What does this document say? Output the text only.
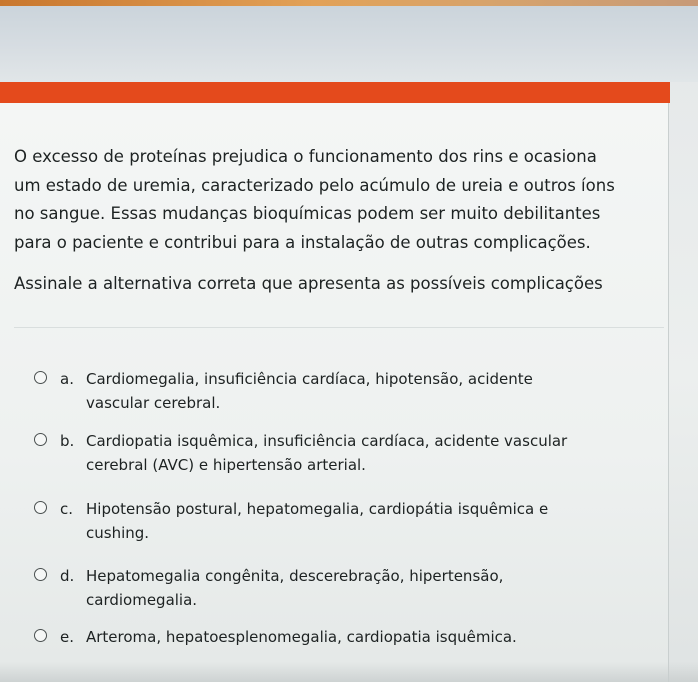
O excesso de proteínas prejudica o funcionamento dos rins e ocasiona
um estado de uremia, caracterizado pelo acúmulo de ureia e outros íons
no sangue. Essas mudanças bioquímicas podem ser muito debilitantes
para o paciente e contribui para a instalação de outras complicações.

Assinale a alternativa correta que apresenta as possíveis complicações

a. Cardiomegalia, insuficiência cardíaca, hipotensão, acidente
vascular cerebral.
b. Cardiopatia isquêmica, insuficiência cardíaca, acidente vascular
cerebral (AVC) e hipertensão arterial.
c. Hipotensão postural, hepatomegalia, cardiopátia isquêmica e
cushing.
d. Hepatomegalia congênita, descerebração, hipertensão,
cardiomegalia.
e. Arteroma, hepatoesplenomegalia, cardiopatia isquêmica.
